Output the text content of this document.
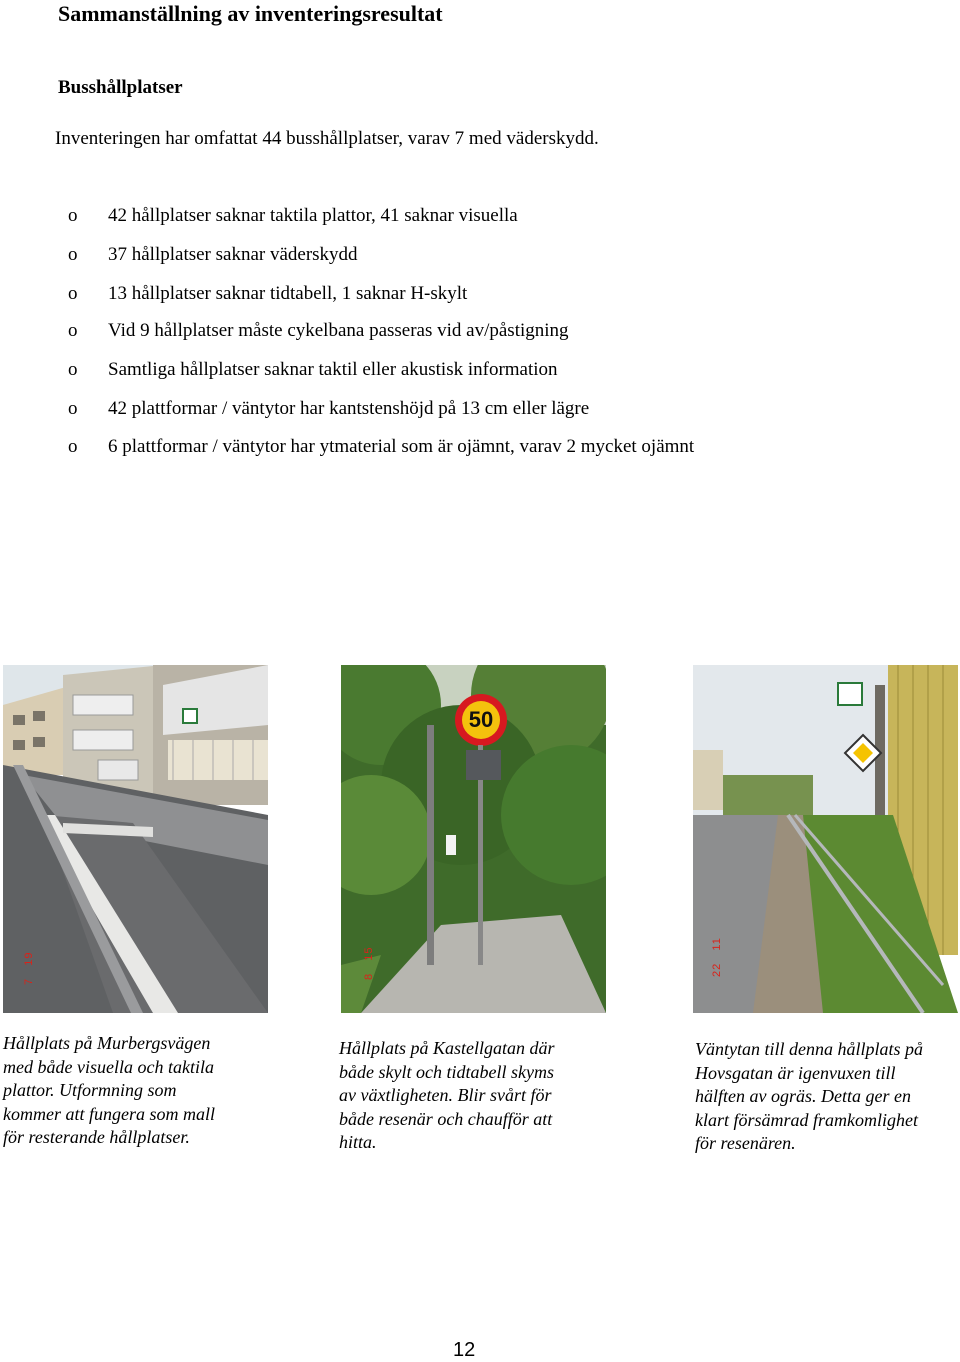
Sammanställning av inventeringsresultat
Busshållplatser

Inventeringen har omfattat 44 busshållplatser, varav 7 med väderskydd.

o 42 hållplatser saknar taktila plattor, 41 saknar visuella
o 37 hållplatser saknar väderskydd
o 13 hållplatser saknar tidtabell, 1 saknar H-skylt
o Vid 9 hållplatser måste cykelbana passeras vid av/påstigning
o Samtliga hållplatser saknar taktil eller akustisk information
o 42 plattformar / väntytor har kantstenshöjd på 13 cm eller lägre
o 6 plattformar / väntytor har ytmaterial som är ojämnt, varav 2 mycket ojämnt
7   19
50
8   15	22   11

Hållplats på Murbergsvägen
med både visuella och taktila
plattor. Utformning som
kommer att fungera som mall
för resterande hållplatser.

Hållplats på Kastellgatan där
både skylt och tidtabell skyms
av växtligheten. Blir svårt för
både resenär och chaufför att
hitta.

Väntytan till denna hållplats på
Hovsgatan är igenvuxen till
hälften av ogräs. Detta ger en
klart försämrad framkomlighet
för resenären.

12
